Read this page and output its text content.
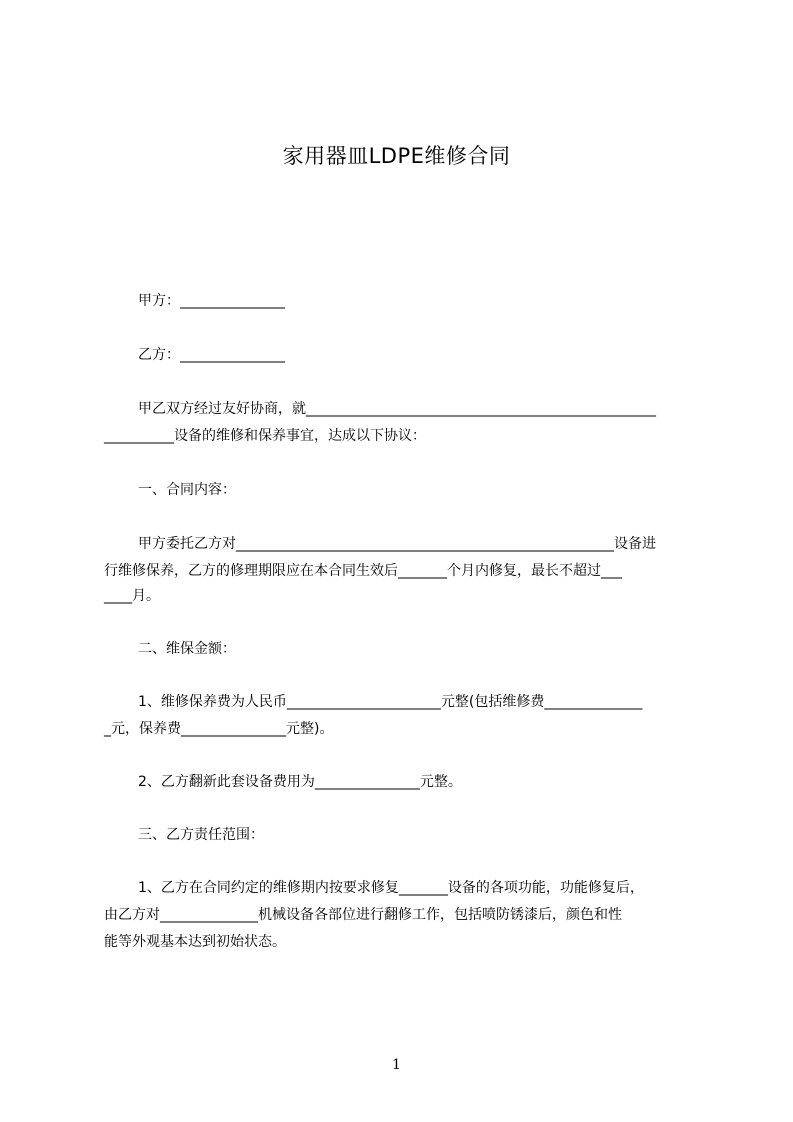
家用器皿LDPE维修合同
甲方：_______________
乙方：_______________
甲乙双方经过友好协商，就__________________________________________________
__________设备的维修和保养事宜，达成以下协议：
一、合同内容：
甲方委托乙方对______________________________________________________设备进
行维修保养，乙方的修理期限应在本合同生效后_______个月内修复，最长不超过___
____月。
二、维保金额：
1、维修保养费为人民币______________________元整(包括维修费______________
_元，保养费_______________元整)。
2、乙方翻新此套设备费用为_______________元整。
三、乙方责任范围：
1、乙方在合同约定的维修期内按要求修复_______设备的各项功能，功能修复后，
由乙方对______________机械设备各部位进行翻修工作，包括喷防锈漆后，颜色和性
能等外观基本达到初始状态。
1
